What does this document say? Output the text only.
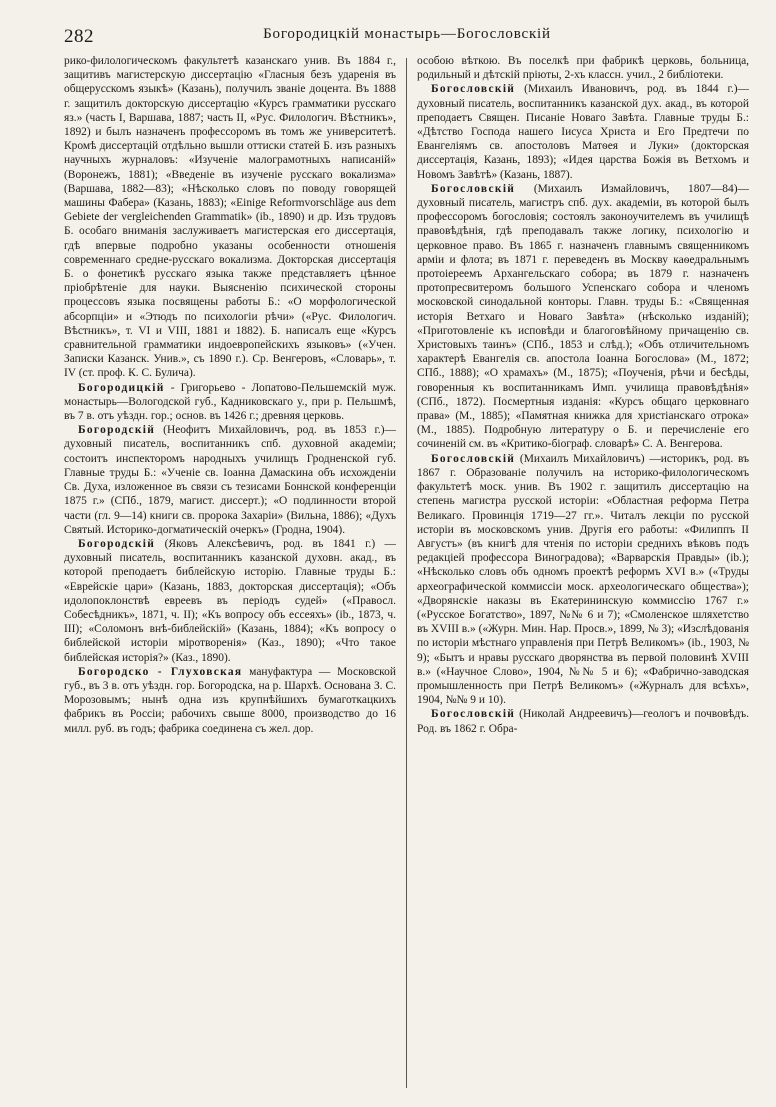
282	Богородицкiй монастырь—Богословскiй

рико-филологическомъ факультетѣ казанскаго унив. Въ 1884 г., защитивъ магистерскую диссертацію «Гласныя безъ ударенія въ общерусскомъ языкѣ» (Казань), получилъ званіе доцента. Въ 1888 г. защитилъ докторскую диссертацію «Курсъ грамматики русскаго яз.» (часть I, Варшава, 1887; часть II, «Рус. Филологич. Вѣстникъ», 1892) и былъ назначенъ профессоромъ въ томъ же университетѣ. Кромѣ диссертацій отдѣльно вышли оттиски статей Б. изъ разныхъ научныхъ журналовъ: «Изученіе малограмотныхъ написаній» (Воронежъ, 1881); «Введеніе въ изученіе русскаго вокализма» (Варшава, 1882—83); «Нѣсколько словъ по поводу говорящей машины Фабера» (Казань, 1883); «Einige Reformvorschläge aus dem Gebiete der vergleichenden Grammatik» (ib., 1890) и др. Изъ трудовъ Б. особаго вниманія заслуживаетъ магистерская его диссертація, гдѣ впервые подробно указаны особенности отношенія современнаго средне-русскаго вокализма. Докторская диссертація Б. о фонетикѣ русскаго языка также представляетъ цѣнное пріобрѣтеніе для науки. Выясненію психической стороны процессовъ языка посвящены работы Б.: «О морфологической абсорпціи» и «Этюдъ по психологіи рѣчи» («Рус. Филологич. Вѣстникъ», т. VI и VIII, 1881 и 1882). Б. написалъ еще «Курсъ сравнительной грамматики индоевропейскихъ языковъ» («Учен. Записки Казанск. Унив.», съ 1890 г.). Ср. Венгеровъ, «Словарь», т. IV (ст. проф. К. С. Булича).

Богородицкій - Григорьево - Лопатово-Пельшемскій муж. монастырь—Вологодской губ., Кадниковскаго у., при р. Пельшмѣ, въ 7 в. отъ уѣздн. гор.; основ. въ 1426 г.; древняя церковь.

Богородскій (Неофитъ Михайловичъ, род. въ 1853 г.)—духовный писатель, воспитанникъ спб. духовной академіи; состоитъ инспекторомъ народныхъ училищъ Гродненской губ. Главные труды Б.: «Ученіе св. Іоанна Дамаскина объ исхожденіи Св. Духа, изложенное въ связи съ тезисами Боннской конференціи 1875 г.» (СПб., 1879, магист. диссерт.); «О подлинности второй части (гл. 9—14) книги св. пророка Захаріи» (Вильна, 1886); «Духъ Святый. Историко-догматическій очеркъ» (Гродна, 1904).

Богородскій (Яковъ Алексѣевичъ, род. въ 1841 г.) — духовный писатель, воспитанникъ казанской духовн. акад., въ которой преподаетъ библейскую исторію. Главные труды Б.: «Еврейскіе цари» (Казань, 1883, докторская диссертація); «Объ идолопоклонствѣ евреевъ въ періодъ судей» («Правосл. Собесѣдникъ», 1871, ч. II); «Къ вопросу объ ессеяхъ» (ib., 1873, ч. III); «Соломонъ внѣ-библейскій» (Казань, 1884); «Къ вопросу о библейской исторіи міротворенія» (Каз., 1890); «Что такое библейская исторія?» (Каз., 1890).

Богородско - Глуховская мануфактура — Московской губ., въ 3 в. отъ уѣздн. гор. Богородска, на р. Шархѣ. Основана З. С. Морозовымъ; нынѣ одна изъ крупнѣйшихъ бумаготкацкихъ фабрикъ въ Россіи; рабочихъ свыше 8000, производство до 16 милл. руб. въ годъ; фабрика соединена съ жел. дор.

особою вѣткою. Въ поселкѣ при фабрикѣ церковь, больница, родильный и дѣтскій пріюты, 2-хъ классн. учил., 2 библіотеки.

Богословскій (Михаилъ Ивановичъ, род. въ 1844 г.)—духовный писатель, воспитанникъ казанской дух. акад., въ которой преподаетъ Священ. Писаніе Новаго Завѣта. Главные труды Б.: «Дѣтство Господа нашего Іисуса Христа и Его Предтечи по Евангеліямъ св. апостоловъ Матѳея и Луки» (докторская диссертація, Казань, 1893); «Идея царства Божія въ Ветхомъ и Новомъ Завѣтѣ» (Казань, 1887).

Богословскій (Михаилъ Измайловичъ, 1807—84)—духовный писатель, магистръ спб. дух. академіи, въ которой былъ профессоромъ богословія; состоялъ законоучителемъ въ училищѣ правовѣдѣнія, гдѣ преподавалъ также логику, психологію и церковное право. Въ 1865 г. назначенъ главнымъ священникомъ арміи и флота; въ 1871 г. переведенъ въ Москву каѳедральнымъ протоіереемъ Архангельскаго собора; въ 1879 г. назначенъ протопресвитеромъ большого Успенскаго собора и членомъ московской синодальной конторы. Главн. труды Б.: «Священная исторія Ветхаго и Новаго Завѣта» (нѣсколько изданій); «Приготовленіе къ исповѣди и благоговѣйному причащенію св. Христовыхъ таинъ» (СПб., 1853 и слѣд.); «Объ отличительномъ характерѣ Евангелія св. апостола Іоанна Богослова» (М., 1872; СПб., 1888); «О храмахъ» (М., 1875); «Поученія, рѣчи и бесѣды, говоренныя къ воспитанникамъ Имп. училища правовѣдѣнія» (СПб., 1872). Посмертныя изданія: «Курсъ общаго церковнаго права» (М., 1885); «Памятная книжка для христіанскаго отрока» (М., 1885). Подробную литературу о Б. и перечисленіе его сочиненій см. въ «Критико-біограф. словарѣ» С. А. Венгерова.

Богословскій (Михаилъ Михайловичъ) —историкъ, род. въ 1867 г. Образованіе получилъ на историко-филологическомъ факультетѣ моск. унив. Въ 1902 г. защитилъ диссертацію на степень магистра русской исторіи: «Областная реформа Петра Великаго. Провинція 1719—27 гг.». Читалъ лекціи по русской исторіи въ московскомъ унив. Другія его работы: «Филиппъ II Августъ» (въ книгѣ для чтенія по исторіи среднихъ вѣковъ подъ редакціей профессора Виноградова); «Варварскія Правды» (ib.); «Нѣсколько словъ объ одномъ проектѣ реформъ XVI в.» («Труды археографической коммиссіи моск. археологическаго общества»); «Дворянскіе наказы въ Екатерининскую коммиссію 1767 г.» («Русское Богатство», 1897, №№ 6 и 7); «Смоленское шляхетство въ XVIII в.» («Журн. Мин. Нар. Просв.», 1899, № 3); «Изслѣдованія по исторіи мѣстнаго управленія при Петрѣ Великомъ» (ib., 1903, № 9); «Бытъ и нравы русскаго дворянства въ первой половинѣ XVIII в.» («Научное Слово», 1904, №№ 5 и 6); «Фабрично-заводская промышленность при Петрѣ Великомъ» («Журналъ для всѣхъ», 1904, №№ 9 и 10).

Богословскій (Николай Андреевичъ)—геологъ и почвовѣдъ. Род. въ 1862 г. Обра-
